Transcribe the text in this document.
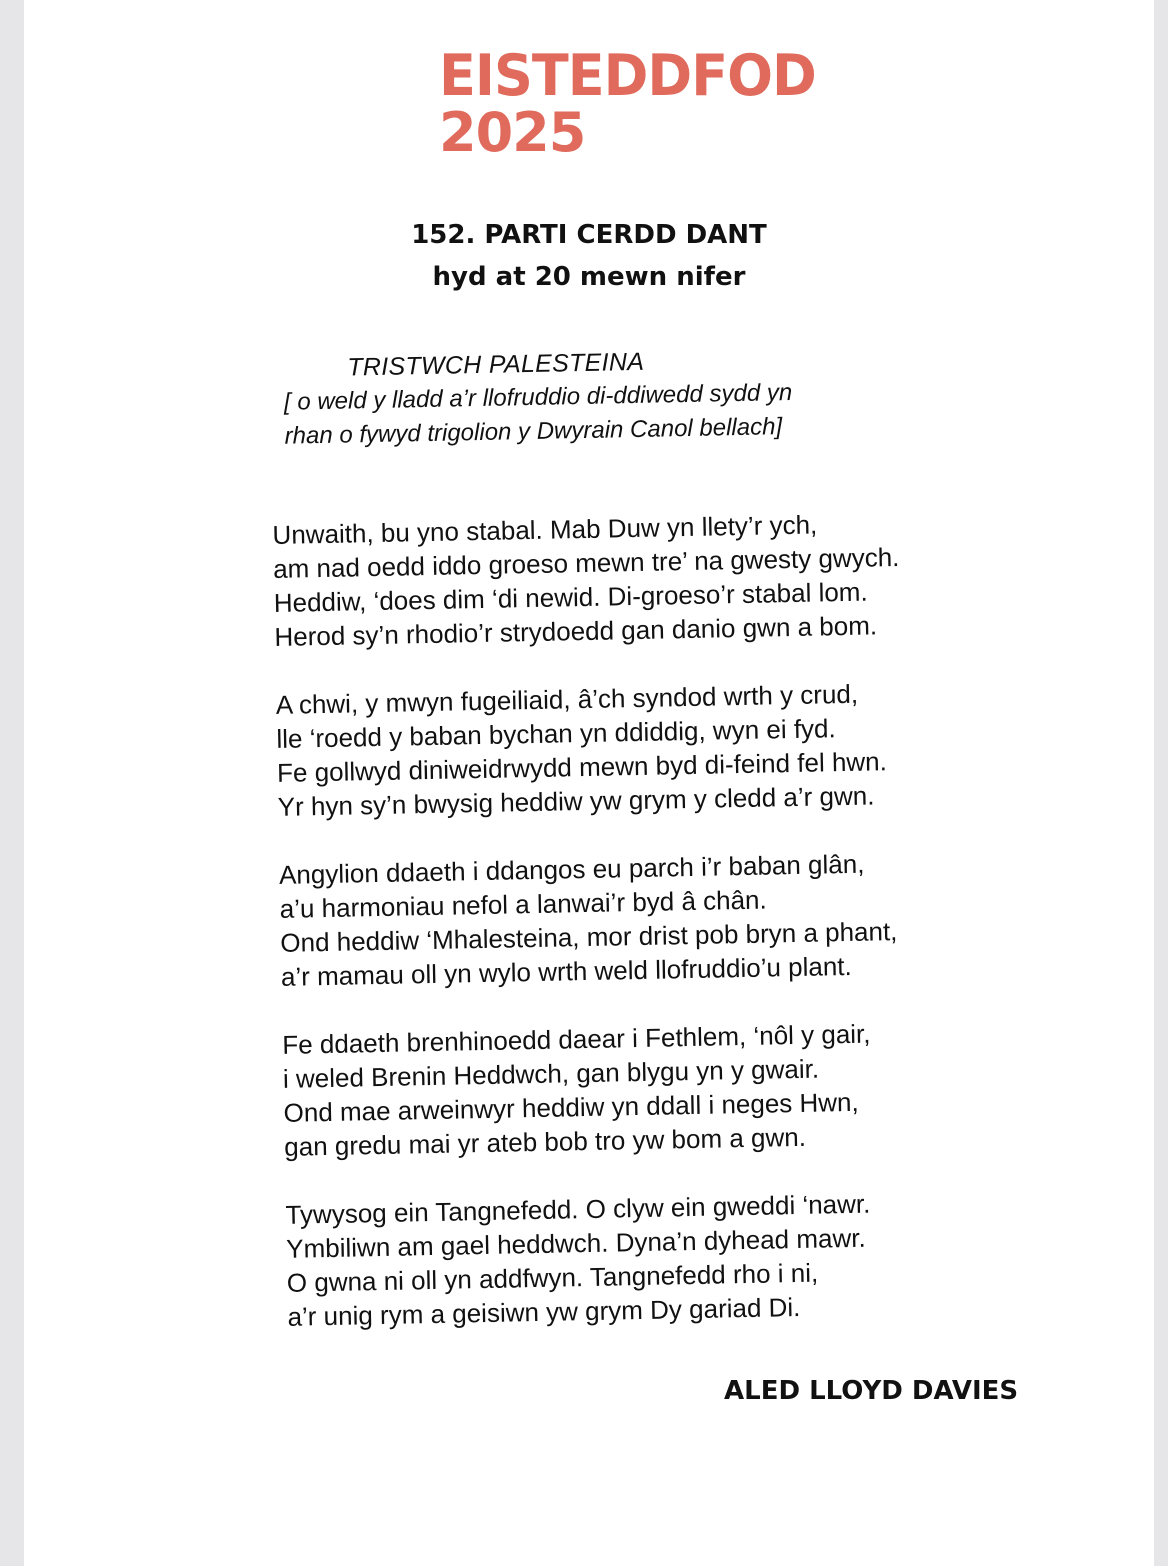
EISTEDDFOD
2025
152. PARTI CERDD DANT
hyd at 20 mewn nifer
TRISTWCH PALESTEINA
[ o weld y lladd a’r llofruddio di-ddiwedd sydd yn
rhan o fywyd trigolion y Dwyrain Canol bellach]
Unwaith, bu yno stabal. Mab Duw yn llety’r ych,
am nad oedd iddo groeso mewn tre’ na gwesty gwych.
Heddiw, ‘does dim ‘di newid. Di-groeso’r stabal lom.
Herod sy’n rhodio’r strydoedd gan danio gwn a bom.
A chwi, y mwyn fugeiliaid, â’ch syndod wrth y crud,
lle ‘roedd y baban bychan yn ddiddig, wyn ei fyd.
Fe gollwyd diniweidrwydd mewn byd di-feind fel hwn.
Yr hyn sy’n bwysig heddiw yw grym y cledd a’r gwn.
Angylion ddaeth i ddangos eu parch i’r baban glân,
a’u harmoniau nefol a lanwai’r byd â chân.
Ond heddiw ‘Mhalesteina, mor drist pob bryn a phant,
a’r mamau oll yn wylo wrth weld llofruddio’u plant.
Fe ddaeth brenhinoedd daear i Fethlem, ‘nôl y gair,
i weled Brenin Heddwch, gan blygu yn y gwair.
Ond mae arweinwyr heddiw yn ddall i neges Hwn,
gan gredu mai yr ateb bob tro yw bom a gwn.
Tywysog ein Tangnefedd. O clyw ein gweddi ‘nawr.
Ymbiliwn am gael heddwch. Dyna’n dyhead mawr.
O gwna ni oll yn addfwyn. Tangnefedd rho i ni,
a’r unig rym a geisiwn yw grym Dy gariad Di.
ALED LLOYD DAVIES
